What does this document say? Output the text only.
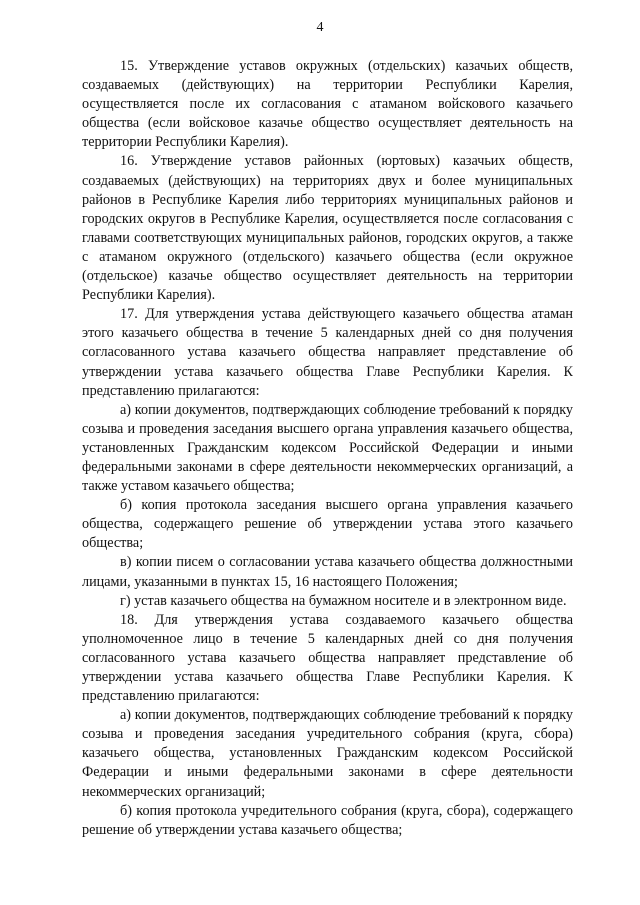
4

15. Утверждение уставов окружных (отдельских) казачьих обществ, создаваемых (действующих) на территории Республики Карелия, осуществляется после их согласования с атаманом войскового казачьего общества (если войсковое казачье общество осуществляет деятельность на территории Республики Карелия).

16. Утверждение уставов районных (юртовых) казачьих обществ, создаваемых (действующих) на территориях двух и более муниципальных районов в Республике Карелия либо территориях муниципальных районов и городских округов в Республике Карелия, осуществляется после согласования с главами соответствующих муниципальных районов, городских округов, а также с атаманом окружного (отдельского) казачьего общества (если окружное (отдельское) казачье общество осуществляет деятельность на территории Республики Карелия).

17. Для утверждения устава действующего казачьего общества атаман этого казачьего общества в течение 5 календарных дней со дня получения согласованного устава казачьего общества направляет представление об утверждении устава казачьего общества Главе Республики Карелия. К представлению прилагаются:

а) копии документов, подтверждающих соблюдение требований к порядку созыва и проведения заседания высшего органа управления казачьего общества, установленных Гражданским кодексом Российской Федерации и иными федеральными законами в сфере деятельности некоммерческих организаций, а также уставом казачьего общества;

б) копия протокола заседания высшего органа управления казачьего общества, содержащего решение об утверждении устава этого казачьего общества;

в) копии писем о согласовании устава казачьего общества должностными лицами, указанными в пунктах 15, 16 настоящего Положения;

г) устав казачьего общества на бумажном носителе и в электронном виде.

18. Для утверждения устава создаваемого казачьего общества уполномоченное лицо в течение 5 календарных дней со дня получения согласованного устава казачьего общества направляет представление об утверждении устава казачьего общества Главе Республики Карелия. К представлению прилагаются:

а) копии документов, подтверждающих соблюдение требований к порядку созыва и проведения заседания учредительного собрания (круга, сбора) казачьего общества, установленных Гражданским кодексом Российской Федерации и иными федеральными законами в сфере деятельности некоммерческих организаций;

б) копия протокола учредительного собрания (круга, сбора), содержащего решение об утверждении устава казачьего общества;
